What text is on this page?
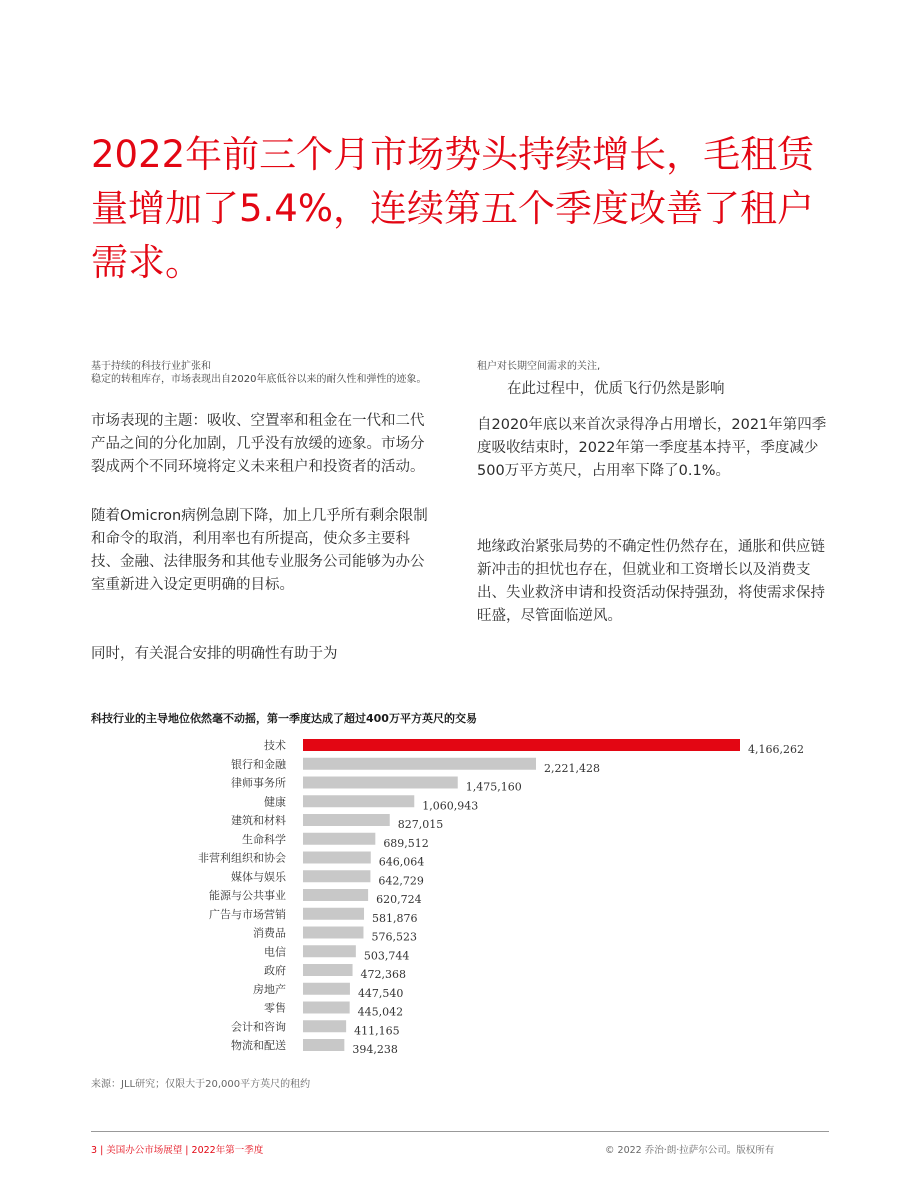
2022年前三个月市场势头持续增长，毛租赁量增加了5.4%，连续第五个季度改善了租户需求。

基于持续的科技行业扩张和

稳定的转租库存，市场表现出自2020年底低谷以来的耐久性和弹性的迹象。

市场表现的主题：吸收、空置率和租金在一代和二代产品之间的分化加剧，几乎没有放缓的迹象。市场分裂成两个不同环境将定义未来租户和投资者的活动。

随着Omicron病例急剧下降，加上几乎所有剩余限制和命令的取消，利用率也有所提高，使众多主要科技、金融、法律服务和其他专业服务公司能够为办公室重新进入设定更明确的目标。

同时，有关混合安排的明确性有助于为

租户对长期空间需求的关注,

在此过程中，优质飞行仍然是影响

自2020年底以来首次录得净占用增长，2021年第四季度吸收结束时，2022年第一季度基本持平，季度减少500万平方英尺，占用率下降了0.1%。

地缘政治紧张局势的不确定性仍然存在，通胀和供应链新冲击的担忧也存在，但就业和工资增长以及消费支出、失业救济申请和投资活动保持强劲，将使需求保持旺盛，尽管面临逆风。

科技行业的主导地位依然毫不动摇，第一季度达成了超过400万平方英尺的交易
技术	4,166,262
银行和金融	2,221,428
律师事务所	1,475,160
健康	1,060,943
建筑和材料	827,015
生命科学	689,512
非营利组织和协会	646,064
媒体与娱乐	642,729
能源与公共事业	620,724
广告与市场营销	581,876
消费品	576,523
电信	503,744
政府	472,368
房地产	447,540
零售	445,042
会计和咨询	411,165
物流和配送	394,238
来源：JLL研究；仅限大于20,000平方英尺的租约
3 | 美国办公市场展望 | 2022年第一季度	© 2022 乔治·朗·拉萨尔公司。版权所有
